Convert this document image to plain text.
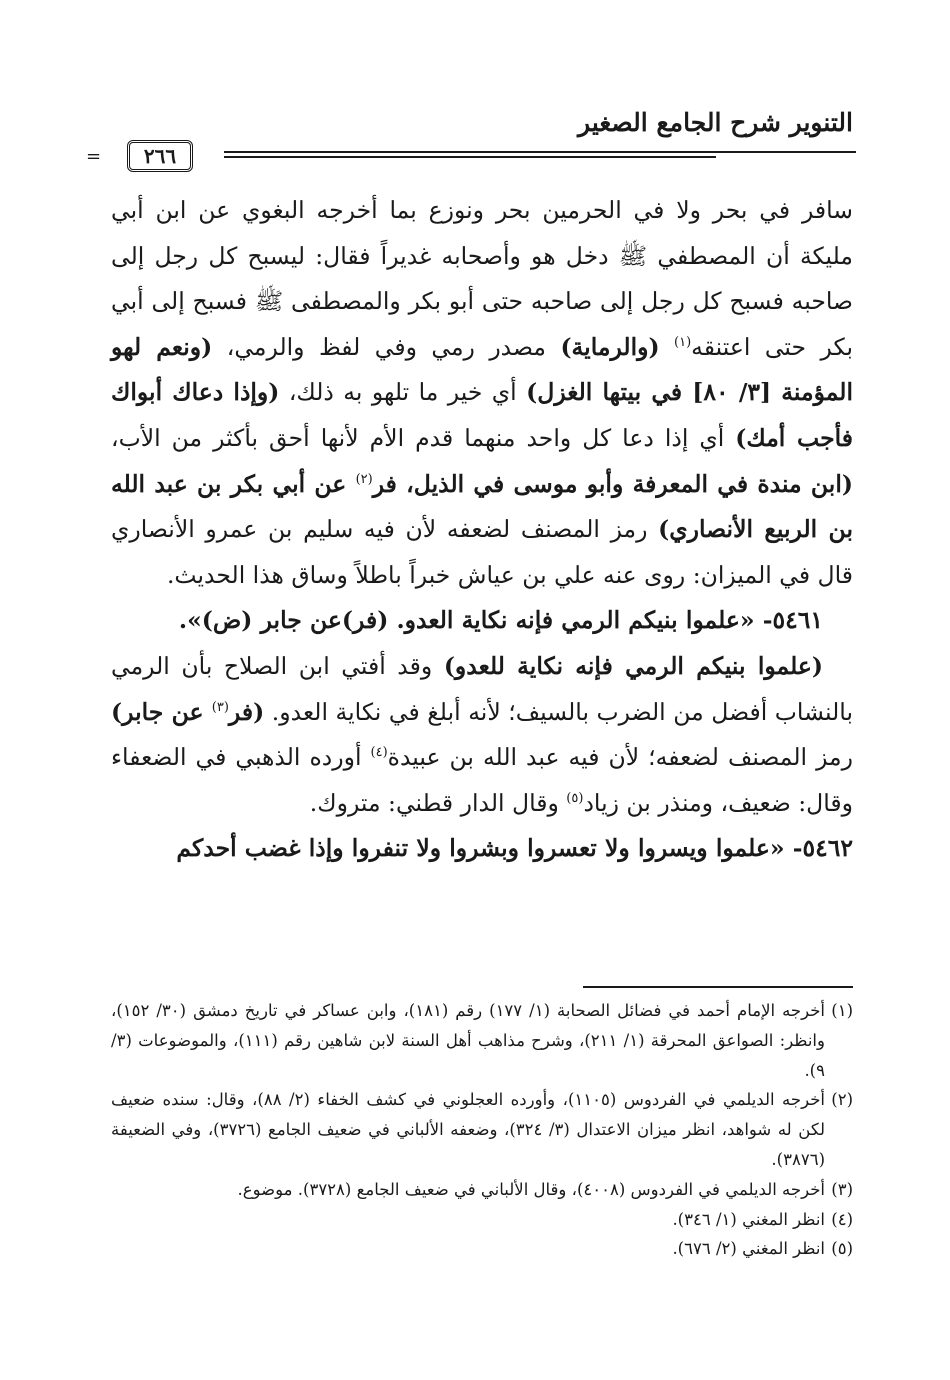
التنوير شرح الجامع الصغير
٢٦٦
=

سافر في بحر ولا في الحرمين بحر ونوزع بما أخرجه البغوي عن ابن أبي مليكة أن المصطفي ﷺ دخل هو وأصحابه غديراً فقال: ليسبح كل رجل إلى صاحبه فسبح كل رجل إلى صاحبه حتى أبو بكر والمصطفى ﷺ فسبح إلى أبي بكر حتى اعتنقه$^{(١)}$ (والرماية) مصدر رمي وفي لفظ والرمي، (ونعم لهو المؤمنة [٣/ ٨٠] في بيتها الغزل) أي خير ما تلهو به ذلك، (وإذا دعاك أبواك فأجب أمك) أي إذا دعا كل واحد منهما قدم الأم لأنها أحق بأكثر من الأب، (ابن مندة في المعرفة وأبو موسى في الذيل، فر$^{(٢)}$ عن أبي بكر بن عبد الله بن الربيع الأنصاري) رمز المصنف لضعفه لأن فيه سليم بن عمرو الأنصاري قال في الميزان: روى عنه علي بن عياش خبراً باطلاً وساق هذا الحديث.

٥٤٦١- «علموا بنيكم الرمي فإنه نكاية العدو. (فر)عن جابر (ض)».

(علموا بنيكم الرمي فإنه نكاية للعدو) وقد أفتي ابن الصلاح بأن الرمي بالنشاب أفضل من الضرب بالسيف؛ لأنه أبلغ في نكاية العدو. (فر$^{(٣)}$ عن جابر) رمز المصنف لضعفه؛ لأن فيه عبد الله بن عبيدة$^{(٤)}$ أورده الذهبي في الضعفاء وقال: ضعيف، ومنذر بن زياد$^{(٥)}$ وقال الدار قطني: متروك.

٥٤٦٢- «علموا ويسروا ولا تعسروا وبشروا ولا تنفروا وإذا غضب أحدكم

(١)
أخرجه الإمام أحمد في فضائل الصحابة (١/ ١٧٧) رقم (١٨١)، وابن عساكر في تاريخ دمشق (٣٠/ ١٥٢)، وانظر: الصواعق المحرقة (١/ ٢١١)، وشرح مذاهب أهل السنة لابن شاهين رقم (١١١)، والموضوعات (٣/ ٩).

(٢)
أخرجه الديلمي في الفردوس (١١٠٥)، وأورده العجلوني في كشف الخفاء (٢/ ٨٨)، وقال: سنده ضعيف لكن له شواهد، انظر ميزان الاعتدال (٣/ ٣٢٤)، وضعفه الألباني في ضعيف الجامع (٣٧٢٦)، وفي الضعيفة (٣٨٧٦).

(٣)
أخرجه الديلمي في الفردوس (٤٠٠٨)، وقال الألباني في ضعيف الجامع (٣٧٢٨). موضوع.

(٤)
انظر المغني (١/ ٣٤٦).

(٥)
انظر المغني (٢/ ٦٧٦).
